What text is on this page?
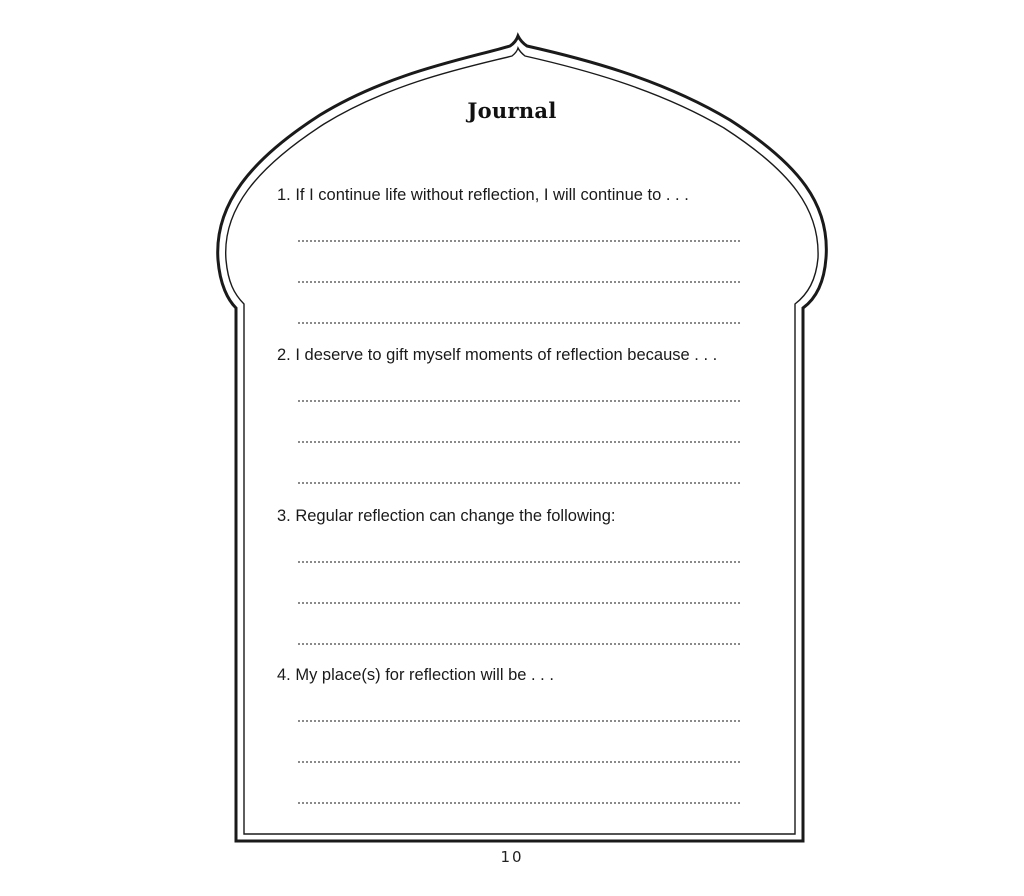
Journal
1. If I continue life without reflection, I will continue to . . .
2. I deserve to gift myself moments of reflection because . . .
3. Regular reflection can change the following:
4. My place(s) for reflection will be . . .
10
